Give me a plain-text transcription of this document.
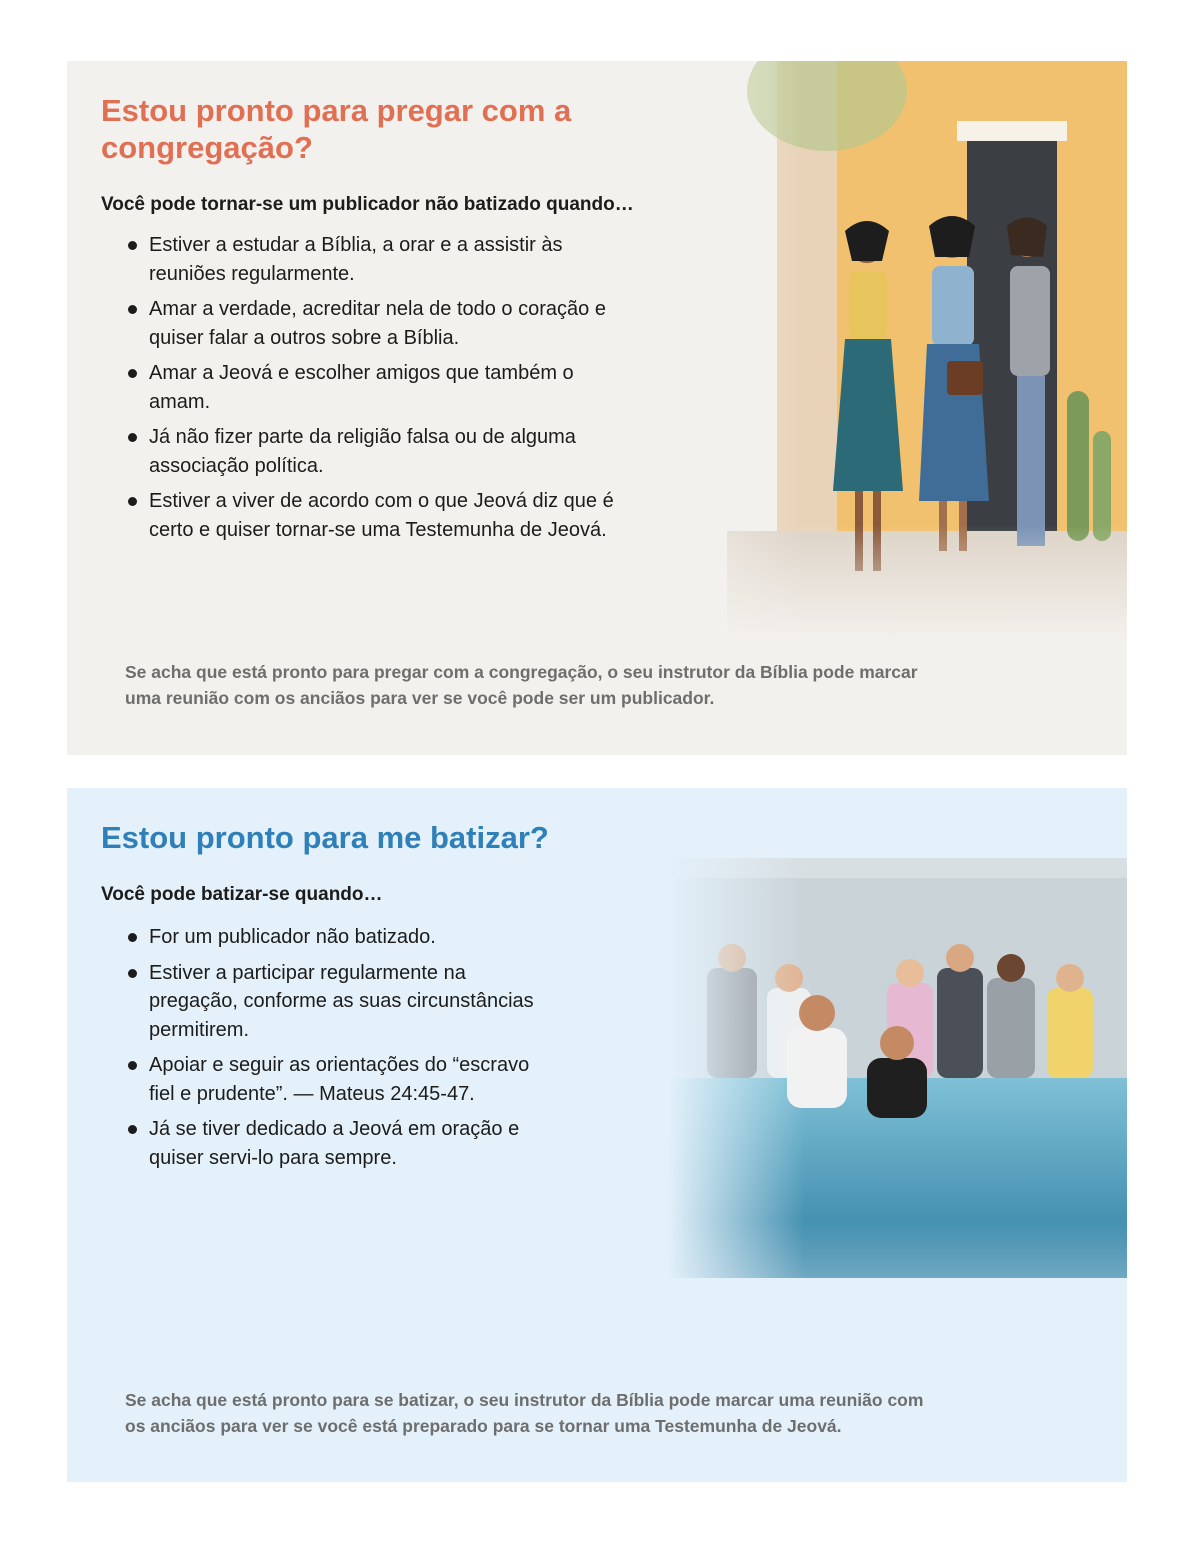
Estou pronto para pregar com a congregação?

Você pode tornar-se um publicador não batizado quando…

Estiver a estudar a Bíblia, a orar e a assistir às reuniões regularmente.
Amar a verdade, acreditar nela de todo o coração e quiser falar a outros sobre a Bíblia.
Amar a Jeová e escolher amigos que também o amam.
Já não fizer parte da religião falsa ou de alguma associação política.
Estiver a viver de acordo com o que Jeová diz que é certo e quiser tornar-se uma Testemunha de Jeová.

Se acha que está pronto para pregar com a congregação, o seu instrutor da Bíblia pode marcar uma reunião com os anciãos para ver se você pode ser um publicador.

Estou pronto para me batizar?

Você pode batizar-se quando…

For um publicador não batizado.
Estiver a participar regularmente na pregação, conforme as suas circunstâncias permitirem.
Apoiar e seguir as orientações do “escravo fiel e prudente”. — Mateus 24:45-47.
Já se tiver dedicado a Jeová em oração e quiser servi-lo para sempre.

Se acha que está pronto para se batizar, o seu instrutor da Bíblia pode marcar uma reunião com os anciãos para ver se você está preparado para se tornar uma Testemunha de Jeová.
